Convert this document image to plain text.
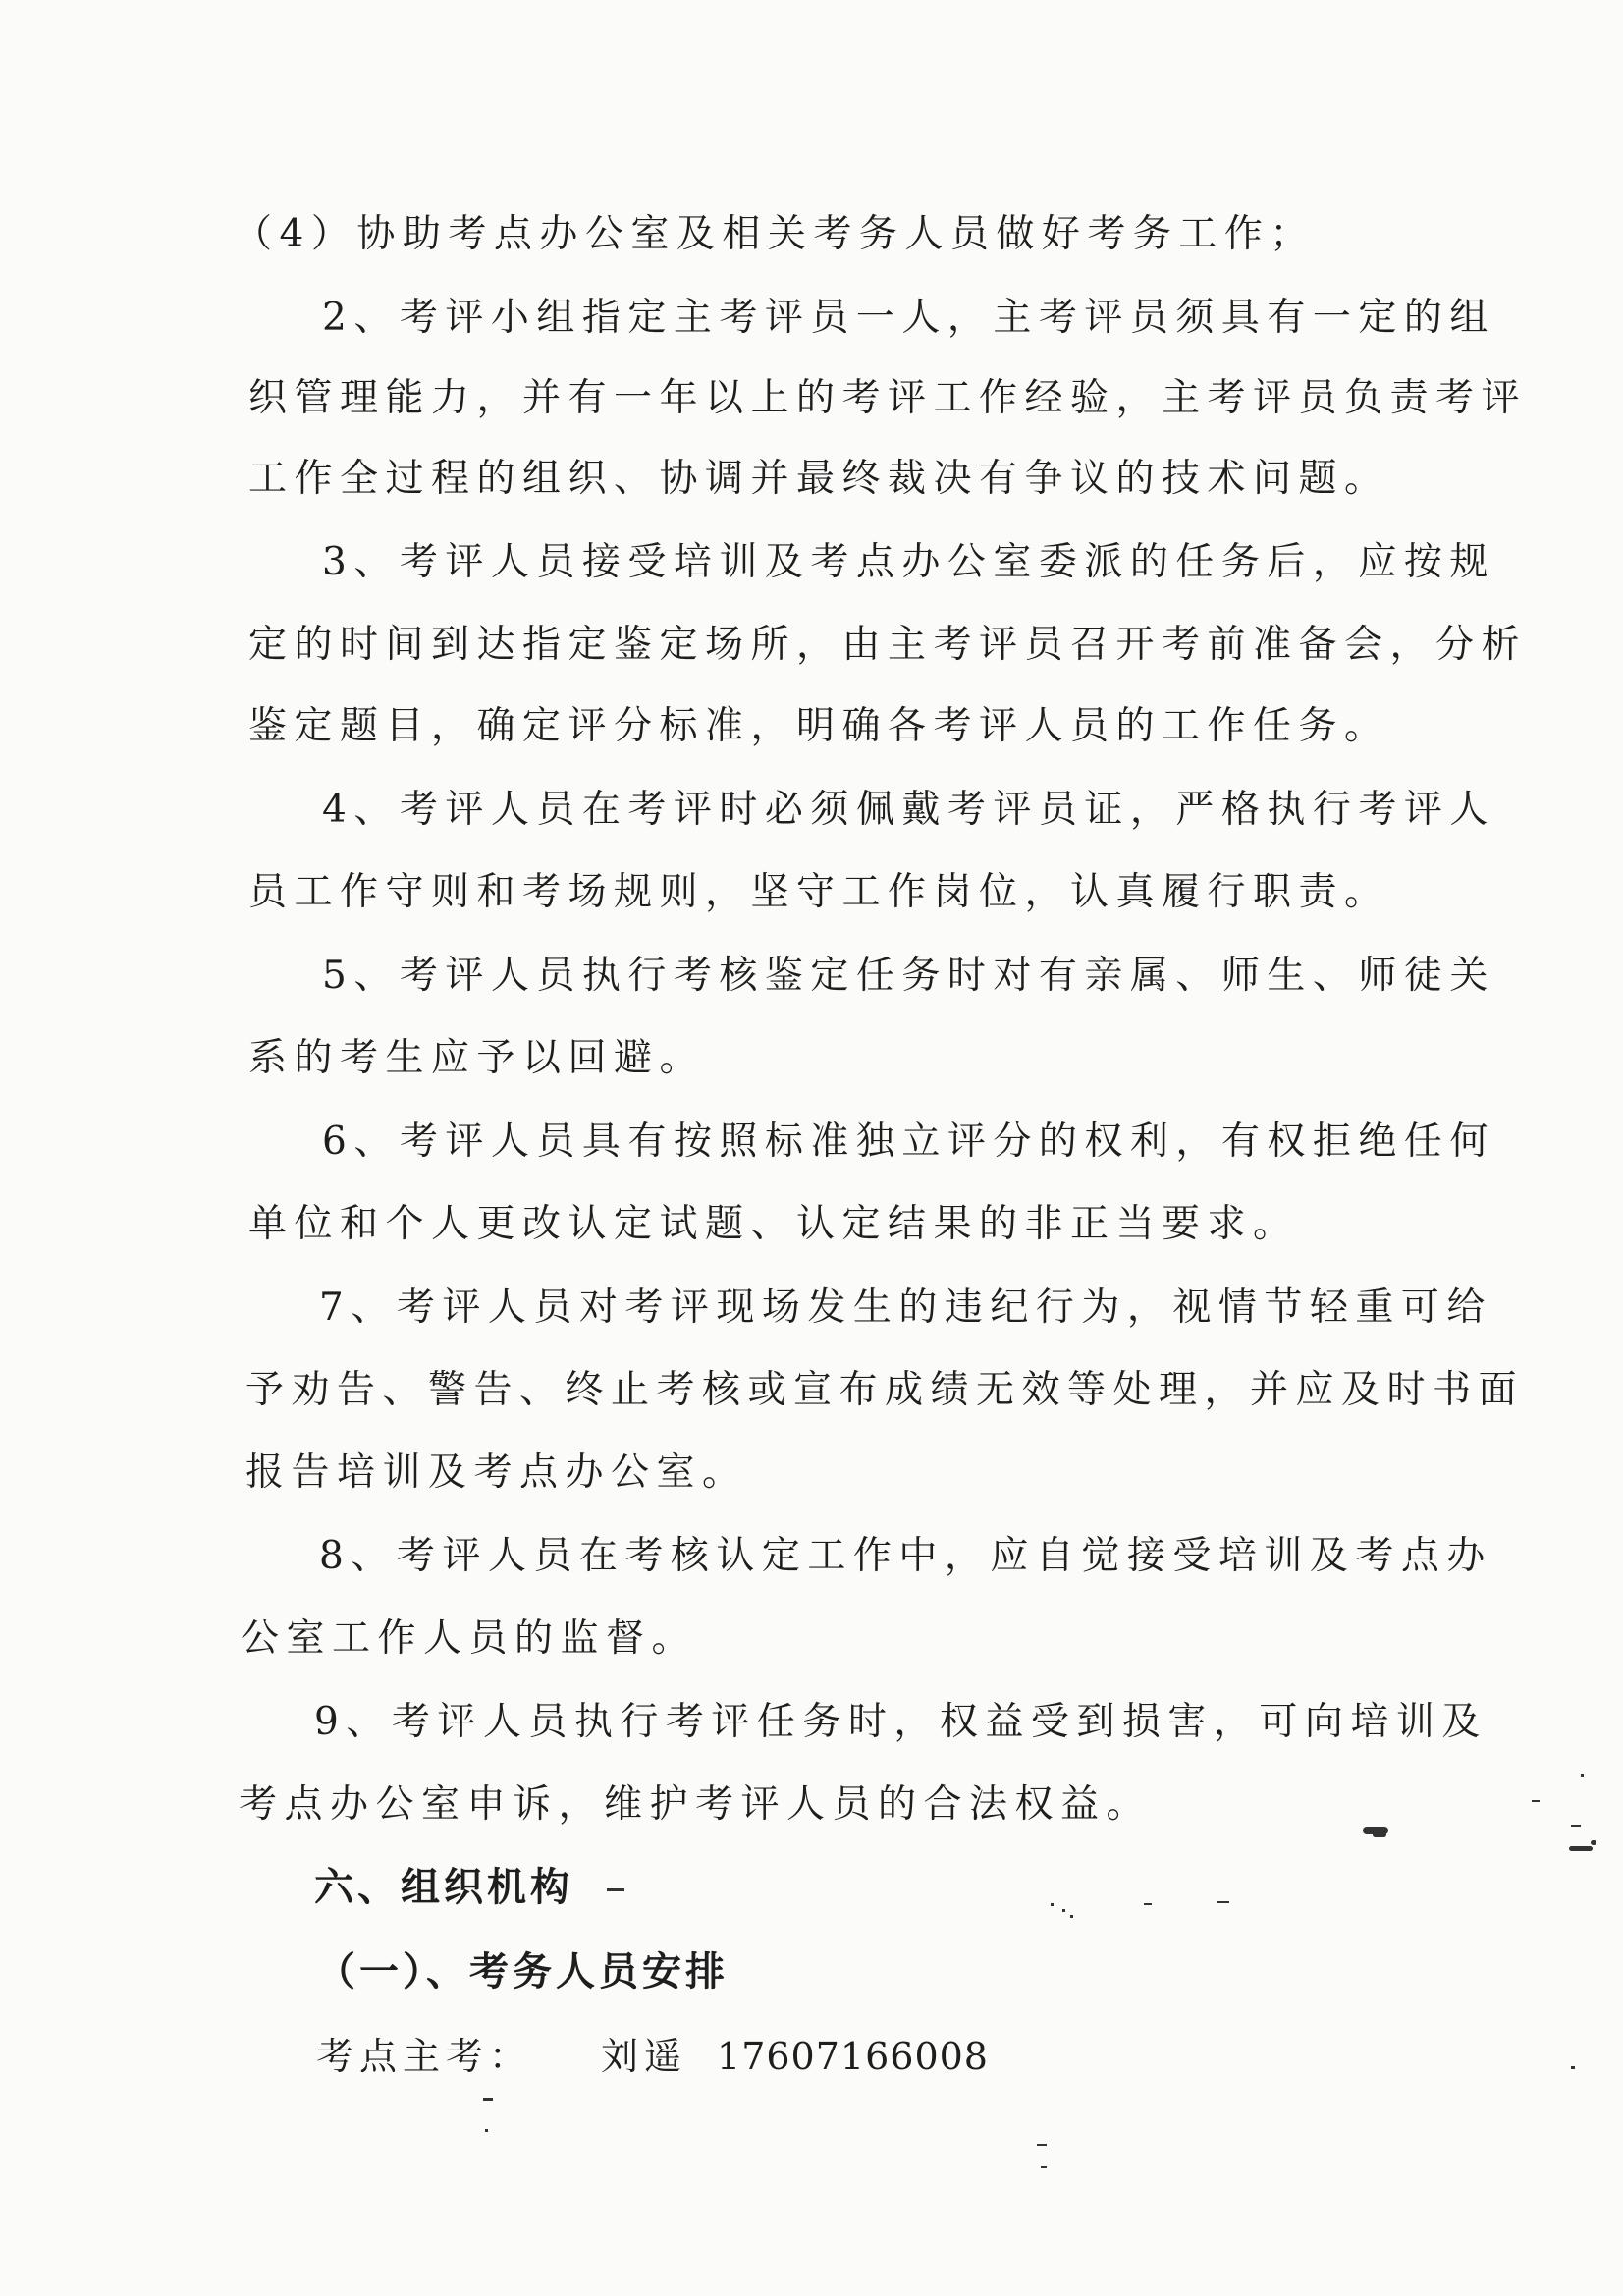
（4）协助考点办公室及相关考务人员做好考务工作；
2、考评小组指定主考评员一人，主考评员须具有一定的组
织管理能力，并有一年以上的考评工作经验，主考评员负责考评
工作全过程的组织、协调并最终裁决有争议的技术问题。
3、考评人员接受培训及考点办公室委派的任务后，应按规
定的时间到达指定鉴定场所，由主考评员召开考前准备会，分析
鉴定题目，确定评分标准，明确各考评人员的工作任务。
4、考评人员在考评时必须佩戴考评员证，严格执行考评人
员工作守则和考场规则，坚守工作岗位，认真履行职责。
5、考评人员执行考核鉴定任务时对有亲属、师生、师徒关
系的考生应予以回避。
6、考评人员具有按照标准独立评分的权利，有权拒绝任何
单位和个人更改认定试题、认定结果的非正当要求。
7、考评人员对考评现场发生的违纪行为，视情节轻重可给
予劝告、警告、终止考核或宣布成绩无效等处理，并应及时书面
报告培训及考点办公室。
8、考评人员在考核认定工作中，应自觉接受培训及考点办
公室工作人员的监督。
9、考评人员执行考评任务时，权益受到损害，可向培训及
考点办公室申诉，维护考评人员的合法权益。
六、组织机构
（一）、考务人员安排
考点主考： 刘遥 17607166008
